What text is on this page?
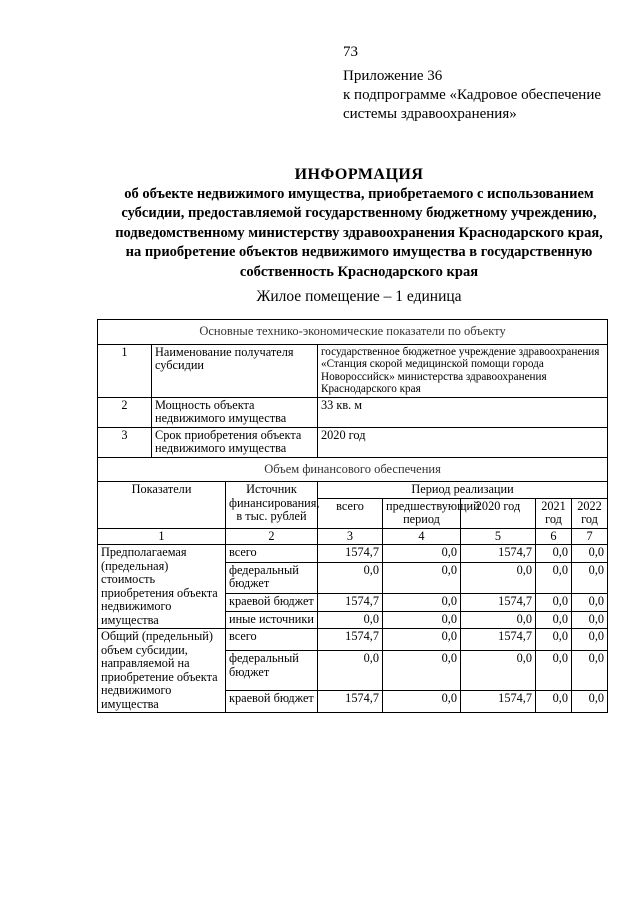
73
Приложение 36
к подпрограмме «Кадровое обеспечение
системы здравоохранения»
ИНФОРМАЦИЯ
об объекте недвижимого имущества, приобретаемого с использованием
субсидии, предоставляемой государственному бюджетному учреждению,
подведомственному министерству здравоохранения Краснодарского края,
на приобретение объектов недвижимого имущества в государственную
собственность Краснодарского края
Жилое помещение – 1 единица
Основные технико-экономические показатели по объекту							
1	Наименование получателя субсидии		государственное бюджетное учреждение здравоохранения «Станция скорой медицинской помощи города Новороссийск» министерства здравоохранения Краснодарского края				
2	Мощность объекта недвижимого имущества		33 кв. м				
3	Срок приобретения объекта недвижимого имущества		2020 год				
Объем финансового обеспечения							
Показатели		Источник финансирования, в тыс. рублей	Период реализации				
			всего	предшествующий период	2020 год	2021 год	2022 год
1		2	3	4	5	6	7
Предполагаемая (предельная) стоимость приобретения объекта недвижимого имущества		всего	1574,7	0,0	1574,7	0,0	0,0
		федеральный бюджет	0,0	0,0	0,0	0,0	0,0
		краевой бюджет	1574,7	0,0	1574,7	0,0	0,0
		иные источники	0,0	0,0	0,0	0,0	0,0
Общий (предельный) объем субсидии, направляемой на приобретение объекта недвижимого имущества		всего	1574,7	0,0	1574,7	0,0	0,0
		федеральный бюджет	0,0	0,0	0,0	0,0	0,0
		краевой бюджет	1574,7	0,0	1574,7	0,0	0,0
